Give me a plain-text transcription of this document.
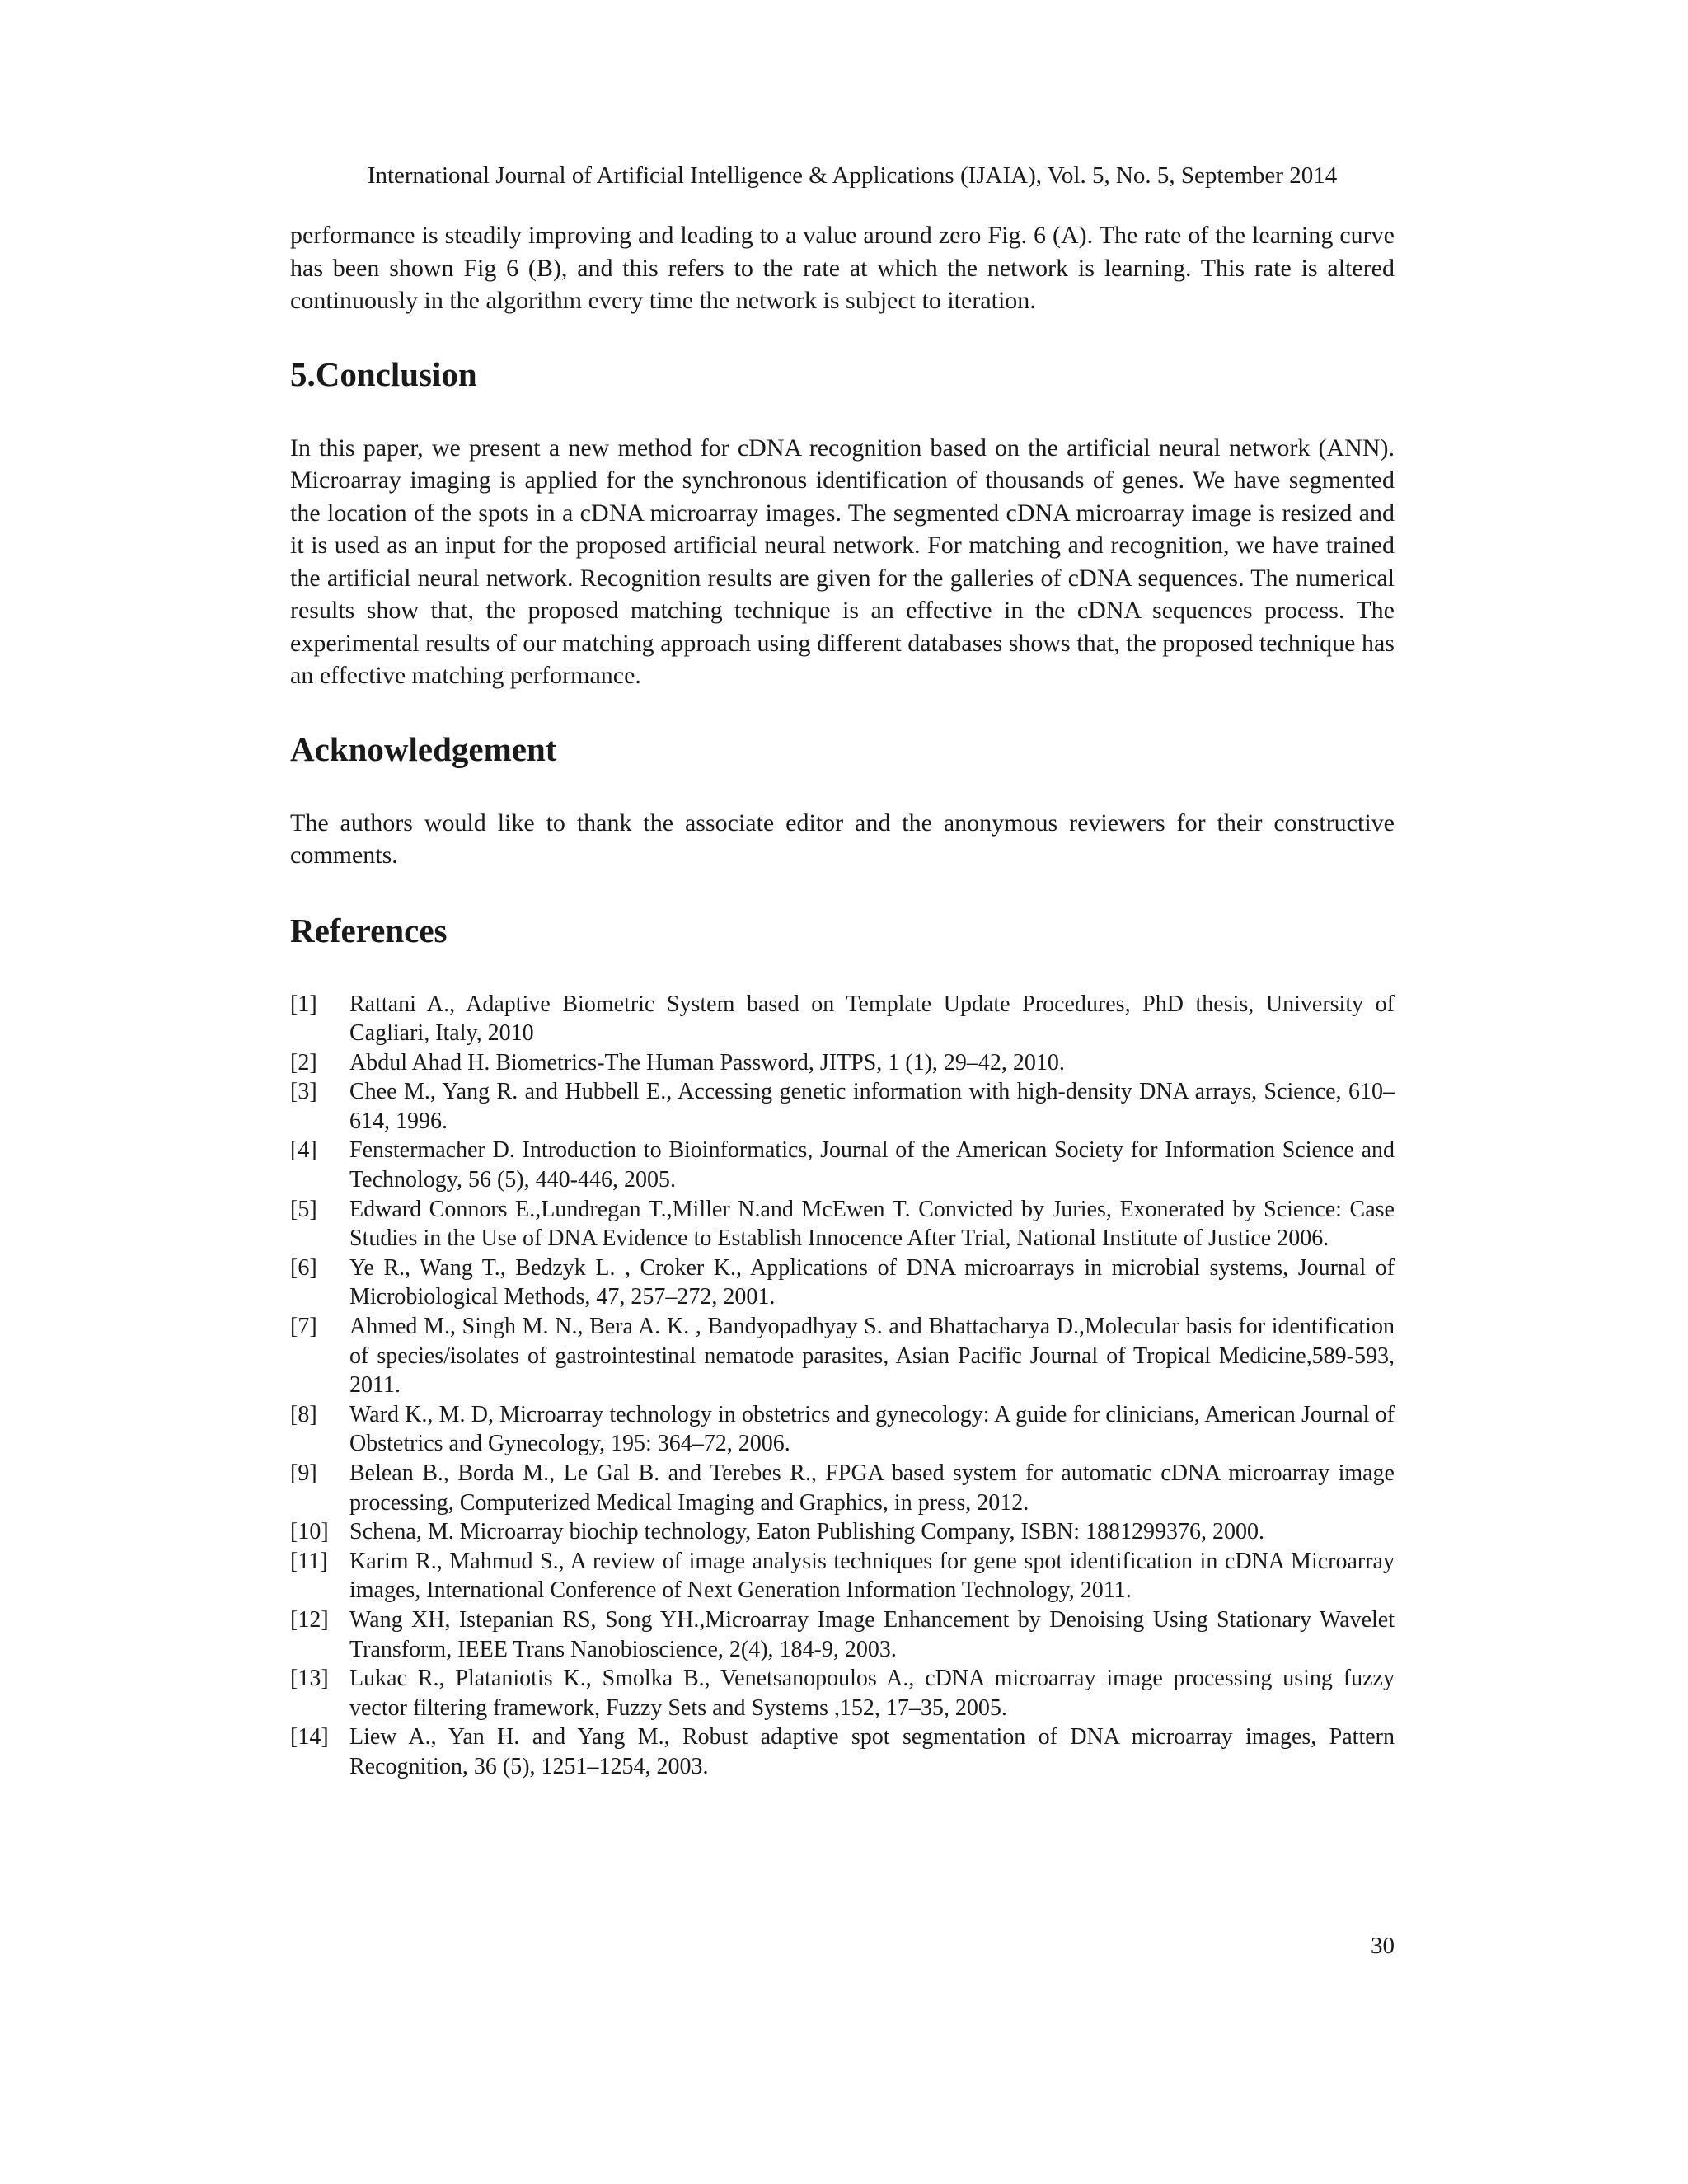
International Journal of Artificial Intelligence & Applications (IJAIA), Vol. 5, No. 5, September 2014

performance is steadily improving and leading to a value around zero Fig. 6 (A). The rate of the learning curve has been shown Fig 6 (B), and this refers to the rate at which the network is learning. This rate is altered continuously in the algorithm every time the network is subject to iteration.

5.Conclusion

In this paper, we present a new method for cDNA recognition based on the artificial neural network (ANN). Microarray imaging is applied for the synchronous identification of thousands of genes. We have segmented the location of the spots in a cDNA microarray images. The segmented cDNA microarray image is resized and it is used as an input for the proposed artificial neural network. For matching and recognition, we have trained the artificial neural network. Recognition results are given for the galleries of cDNA sequences. The numerical results show that, the proposed matching technique is an effective in the cDNA sequences process. The experimental results of our matching approach using different databases shows that, the proposed technique has an effective matching performance.

Acknowledgement

The authors would like to thank the associate editor and the anonymous reviewers for their constructive comments.

References
[1]	Rattani A., Adaptive Biometric System based on Template Update Procedures, PhD thesis, University of Cagliari, Italy, 2010
[2]	Abdul Ahad H. Biometrics-The Human Password, JITPS, 1 (1), 29–42, 2010.
[3]	Chee M., Yang R. and Hubbell E., Accessing genetic information with high-density DNA arrays, Science, 610–614, 1996.
[4]	Fenstermacher D. Introduction to Bioinformatics, Journal of the American Society for Information Science and Technology, 56 (5), 440-446, 2005.
[5]	Edward Connors E.,Lundregan T.,Miller N.and McEwen T. Convicted by Juries, Exonerated by Science: Case Studies in the Use of DNA Evidence to Establish Innocence After Trial, National Institute of Justice 2006.
[6]	Ye R., Wang T., Bedzyk L. , Croker K., Applications of DNA microarrays in microbial systems, Journal of Microbiological Methods, 47, 257–272, 2001.
[7]	Ahmed M., Singh M. N., Bera A. K. , Bandyopadhyay S. and Bhattacharya D.,Molecular basis for identification of species/isolates of gastrointestinal nematode parasites, Asian Pacific Journal of Tropical Medicine,589-593, 2011.
[8]	Ward K., M. D, Microarray technology in obstetrics and gynecology: A guide for clinicians, American Journal of Obstetrics and Gynecology, 195: 364–72, 2006.
[9]	Belean B., Borda M., Le Gal B. and Terebes R., FPGA based system for automatic cDNA microarray image processing, Computerized Medical Imaging and Graphics, in press, 2012.
[10] Schena, M. Microarray biochip technology, Eaton Publishing Company, ISBN: 1881299376, 2000.
[11] Karim R., Mahmud S., A review of image analysis techniques for gene spot identification in cDNA Microarray images, International Conference of Next Generation Information Technology, 2011.
[12] Wang XH, Istepanian RS, Song YH.,Microarray Image Enhancement by Denoising Using Stationary Wavelet Transform, IEEE Trans Nanobioscience, 2(4), 184-9, 2003.
[13] Lukac R., Plataniotis K., Smolka B., Venetsanopoulos A., cDNA microarray image processing using fuzzy vector filtering framework, Fuzzy Sets and Systems ,152, 17–35, 2005.
[14] Liew A., Yan H. and Yang M., Robust adaptive spot segmentation of DNA microarray images, Pattern Recognition, 36 (5), 1251–1254, 2003.
30
